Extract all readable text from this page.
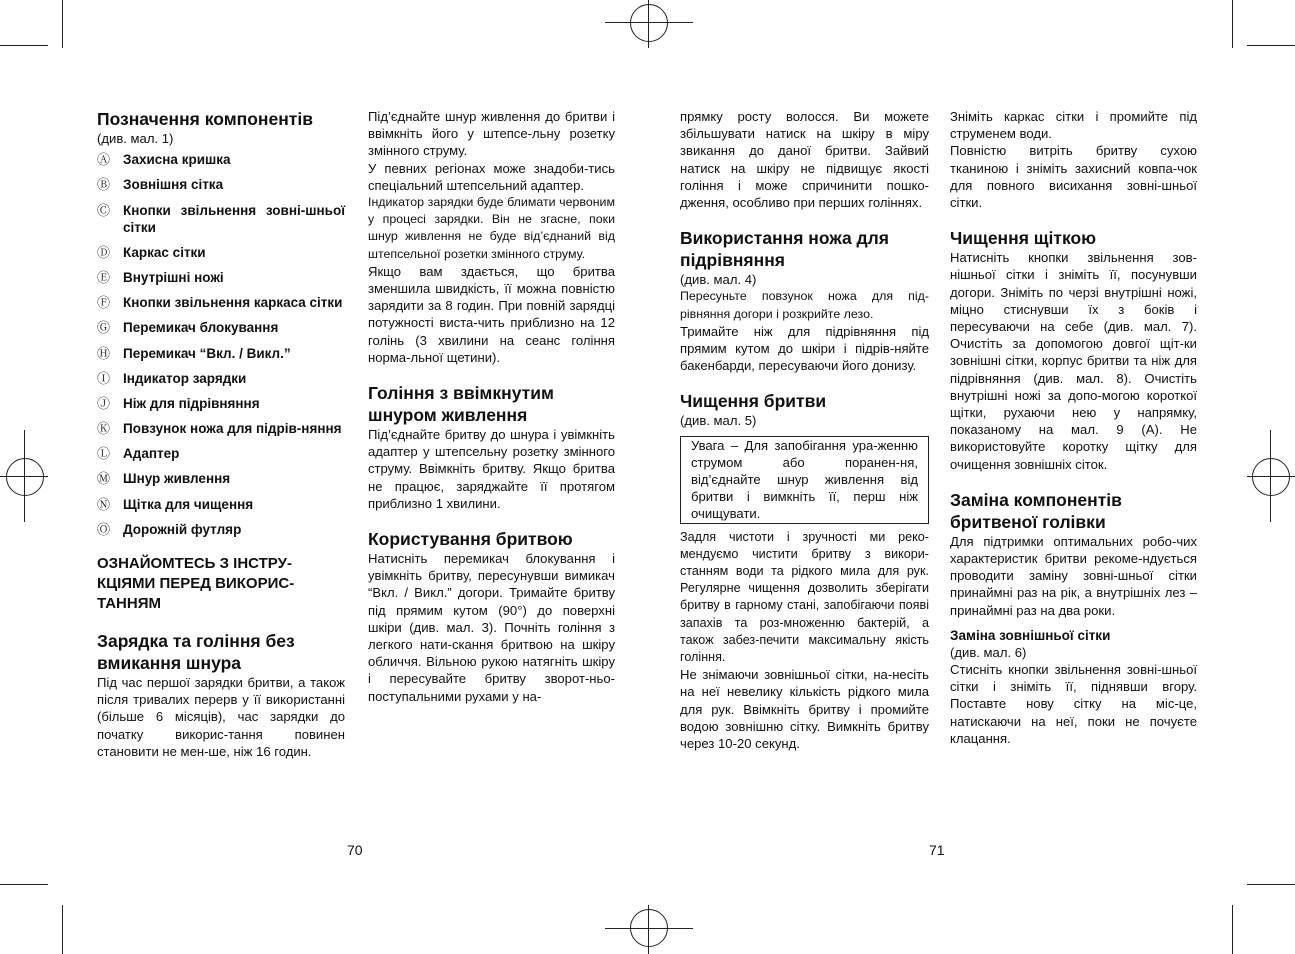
Позначення компонентів

(див. мал. 1)

Ⓐ Захисна кришка
Ⓑ Зовнішня сітка
Ⓒ Кнопки звільнення зовні-шньої сітки
Ⓓ Каркас сітки
Ⓔ Внутрішні ножі
Ⓕ Кнопки звільнення каркаса сітки
Ⓖ Перемикач блокування
Ⓗ Перемикач “Вкл. / Викл.”
Ⓘ Індикатор зарядки
Ⓙ Ніж для підрівняння
Ⓚ Повзунок ножа для підрів-няння
Ⓛ Адаптер
Ⓜ Шнур живлення
Ⓝ Щітка для чищення
Ⓞ Дорожній футляр
ОЗНАЙОМТЕСЬ З ІНСТРУ-КЦІЯМИ ПЕРЕД ВИКОРИС-ТАННЯМ
Зарядка та гоління без вмикання шнура

Під час першої зарядки бритви, а також після тривалих перерв у її використанні (більше 6 місяців), час зарядки до початку викорис-тання повинен становити не мен-ше, ніж 16 годин.

Під’єднайте шнур живлення до бритви і ввімкніть його у штепсе-льну розетку змінного струму.

У певних регіонах може знадоби-тись спеціальний штепсельний адаптер.

Індикатор зарядки буде блимати червоним у процесі зарядки. Він не згасне, поки шнур живлення не буде від’єднаний від штепсельної розетки змінного струму.

Якщо вам здається, що бритва зменшила швидкість, її можна повністю зарядити за 8 годин. При повній зарядці потужності виста-чить приблизно на 12 голінь (3 хвилини на сеанс гоління норма-льної щетини).

Гоління з ввімкнутим шнуром живлення

Під’єднайте бритву до шнура і увімкніть адаптер у штепсельну розетку змінного струму. Ввімкніть бритву. Якщо бритва не працює, заряджайте її протягом приблизно 1 хвилини.

Користування бритвою

Натисніть перемикач блокування і увімкніть бритву, пересунувши вимикач “Вкл. / Викл.” догори. Тримайте бритву під прямим кутом (90°) до поверхні шкіри (див. мал. 3). Почніть гоління з легкого нати-скання бритвою на шкіру обличчя. Вільною рукою натягніть шкіру і пересувайте бритву зворот-ньо-поступальними рухами у на-

прямку росту волосся. Ви можете збільшувати натиск на шкіру в міру звикання до даної бритви. Зайвий натиск на шкіру не підвищує якості гоління і може спричинити пошко-дження, особливо при перших голіннях.

Використання ножа для підрівняння

(див. мал. 4)

Пересуньте повзунок ножа для під-рівняння догори і розкрийте лезо.

Тримайте ніж для підрівняння під прямим кутом до шкіри і підрів-няйте бакенбарди, пересуваючи його донизу.

Чищення бритви

(див. мал. 5)

Увага – Для запобігання ура-женню струмом або поранен-ня, від’єднайте шнур живлення від бритви і вимкніть її, перш ніж очищувати.

Задля чистоти і зручності ми реко-мендуємо чистити бритву з викори-станням води та рідкого мила для рук. Регулярне чищення дозволить зберігати бритву в гарному стані, запобігаючи появі запахів та роз-множенню бактерій, а також забез-печити максимальну якість гоління.

Не знімаючи зовнішньої сітки, на-несіть на неї невелику кількість рідкого мила для рук. Ввімкніть бритву і промийте водою зовнішню сітку. Вимкніть бритву через 10-20 секунд.

Зніміть каркас сітки і промийте під струменем води.

Повністю витріть бритву сухою тканиною і зніміть захисний ковпа-чок для повного висихання зовні-шньої сітки.

Чищення щіткою

Натисніть кнопки звільнення зов-нішньої сітки і зніміть її, посунувши догори. Зніміть по черзі внутрішні ножі, міцно стиснувши їх з боків і пересуваючи на себе (див. мал. 7). Очистіть за допомогою довгої щіт-ки зовнішні сітки, корпус бритви та ніж для підрівняння (див. мал. 8). Очистіть внутрішні ножі за допо-могою короткої щітки, рухаючи нею у напрямку, показаному на мал. 9 (A). Не використовуйте коротку щітку для очищення зовнішніх сіток.

Заміна компонентів бритвеної голівки

Для підтримки оптимальних робо-чих характеристик бритви рекоме-ндується проводити заміну зовні-шньої сітки принаймні раз на рік, а внутрішніх лез – принаймні раз на два роки.

Заміна зовнішньої сітки

(див. мал. 6)

Стисніть кнопки звільнення зовні-шньої сітки і зніміть її, піднявши вгору. Поставте нову сітку на міс-це, натискаючи на неї, поки не почуєте клацання.

70	71
